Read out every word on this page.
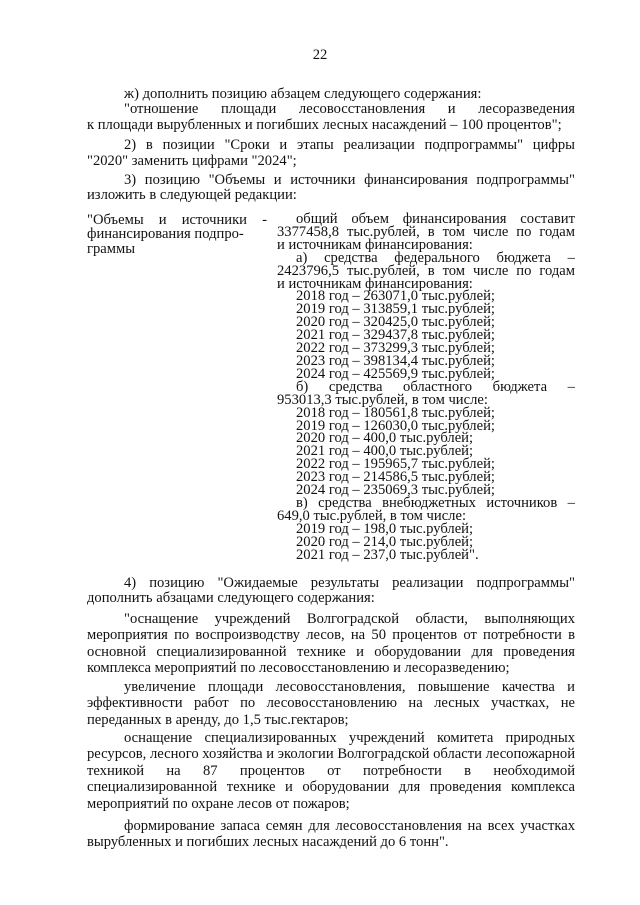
22
ж) дополнить позицию абзацем следующего содержания:
"отношение площади лесовосстановления и лесоразведения
к площади вырубленных и погибших лесных насаждений – 100 процентов";
2) в позиции "Сроки и этапы реализации подпрограммы" цифры
"2020" заменить цифрами "2024";
3) позицию "Объемы и источники финансирования подпрограммы"
изложить в следующей редакции:
"Объемы и источники -
финансирования подпро-
граммы
общий объем финансирования составит
3377458,8 тыс.рублей, в том числе по годам
и источникам финансирования:
а) средства федерального бюджета –
2423796,5 тыс.рублей, в том числе по годам
и источникам финансирования:
2018 год – 263071,0 тыс.рублей;
2019 год – 313859,1 тыс.рублей;
2020 год – 320425,0 тыс.рублей;
2021 год – 329437,8 тыс.рублей;
2022 год – 373299,3 тыс.рублей;
2023 год – 398134,4 тыс.рублей;
2024 год – 425569,9 тыс.рублей;
б) средства областного бюджета –
953013,3 тыс.рублей, в том числе:
2018 год – 180561,8 тыс.рублей;
2019 год – 126030,0 тыс.рублей;
2020 год – 400,0 тыс.рублей;
2021 год – 400,0 тыс.рублей;
2022 год – 195965,7 тыс.рублей;
2023 год – 214586,5 тыс.рублей;
2024 год – 235069,3 тыс.рублей;
в) средства внебюджетных источников –
649,0 тыс.рублей, в том числе:
2019 год – 198,0 тыс.рублей;
2020 год – 214,0 тыс.рублей;
2021 год – 237,0 тыс.рублей".
4) позицию "Ожидаемые результаты реализации подпрограммы"
дополнить абзацами следующего содержания:

"оснащение учреждений Волгоградской области, выполняющих мероприятия по воспроизводству лесов, на 50 процентов от потребности в основной специализированной технике и оборудовании для проведения комплекса мероприятий по лесовосстановлению и лесоразведению;

увеличение площади лесовосстановления, повышение качества и эффективности работ по лесовосстановлению на лесных участках, не переданных в аренду, до 1,5 тыс.гектаров;

оснащение специализированных учреждений комитета природных ресурсов, лесного хозяйства и экологии Волгоградской области лесопожарной техникой на 87 процентов от потребности в необходимой специализированной технике и оборудовании для проведения комплекса мероприятий по охране лесов от пожаров;

формирование запаса семян для лесовосстановления на всех участках вырубленных и погибших лесных насаждений до 6 тонн".
